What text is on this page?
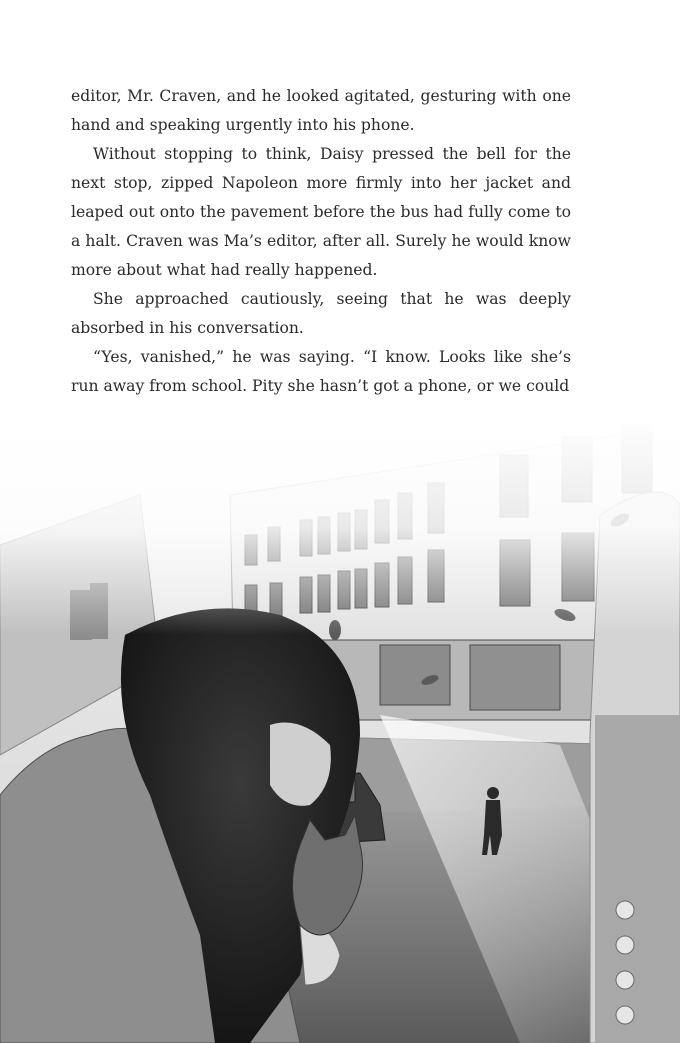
editor, Mr. Craven, and he looked agitated, gesturing with one hand and speaking urgently into his phone.

Without stopping to think, Daisy pressed the bell for the next stop, zipped Napoleon more firmly into her jacket and leaped out onto the pavement before the bus had fully come to a halt. Craven was Ma’s editor, after all. Surely he would know more about what had really happened.

She approached cautiously, seeing that he was deeply absorbed in his conversation.

“Yes, vanished,” he was saying. “I know. Looks like she’s run away from school. Pity she hasn’t got a phone, or we could
